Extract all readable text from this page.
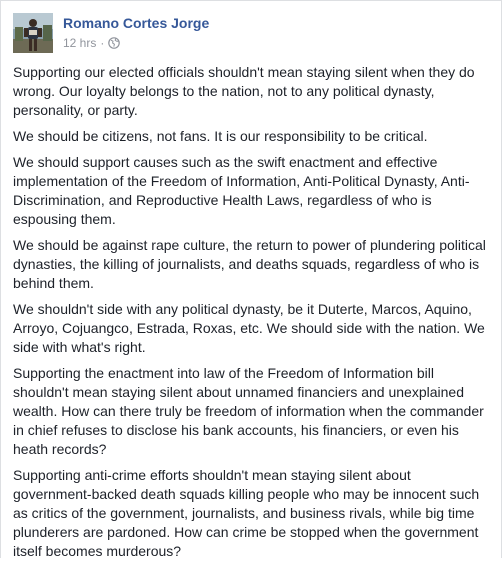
Romano Cortes Jorge
12 hrs ·

Supporting our elected officials shouldn't mean staying silent when they do wrong. Our loyalty belongs to the nation, not to any political dynasty, personality, or party.

We should be citizens, not fans. It is our responsibility to be critical.

We should support causes such as the swift enactment and effective implementation of the Freedom of Information, Anti-Political Dynasty, Anti-Discrimination, and Reproductive Health Laws, regardless of who is espousing them.

We should be against rape culture, the return to power of plundering political dynasties, the killing of journalists, and deaths squads, regardless of who is behind them.

We shouldn't side with any political dynasty, be it Duterte, Marcos, Aquino, Arroyo, Cojuangco, Estrada, Roxas, etc. We should side with the nation. We side with what's right.

Supporting the enactment into law of the Freedom of Information bill shouldn't mean staying silent about unnamed financiers and unexplained wealth. How can there truly be freedom of information when the commander in chief refuses to disclose his bank accounts, his financiers, or even his heath records?

Supporting anti-crime efforts shouldn't mean staying silent about government-backed death squads killing people who may be innocent such as critics of the government, journalists, and business rivals, while big time plunderers are pardoned. How can crime be stopped when the government itself becomes murderous?
